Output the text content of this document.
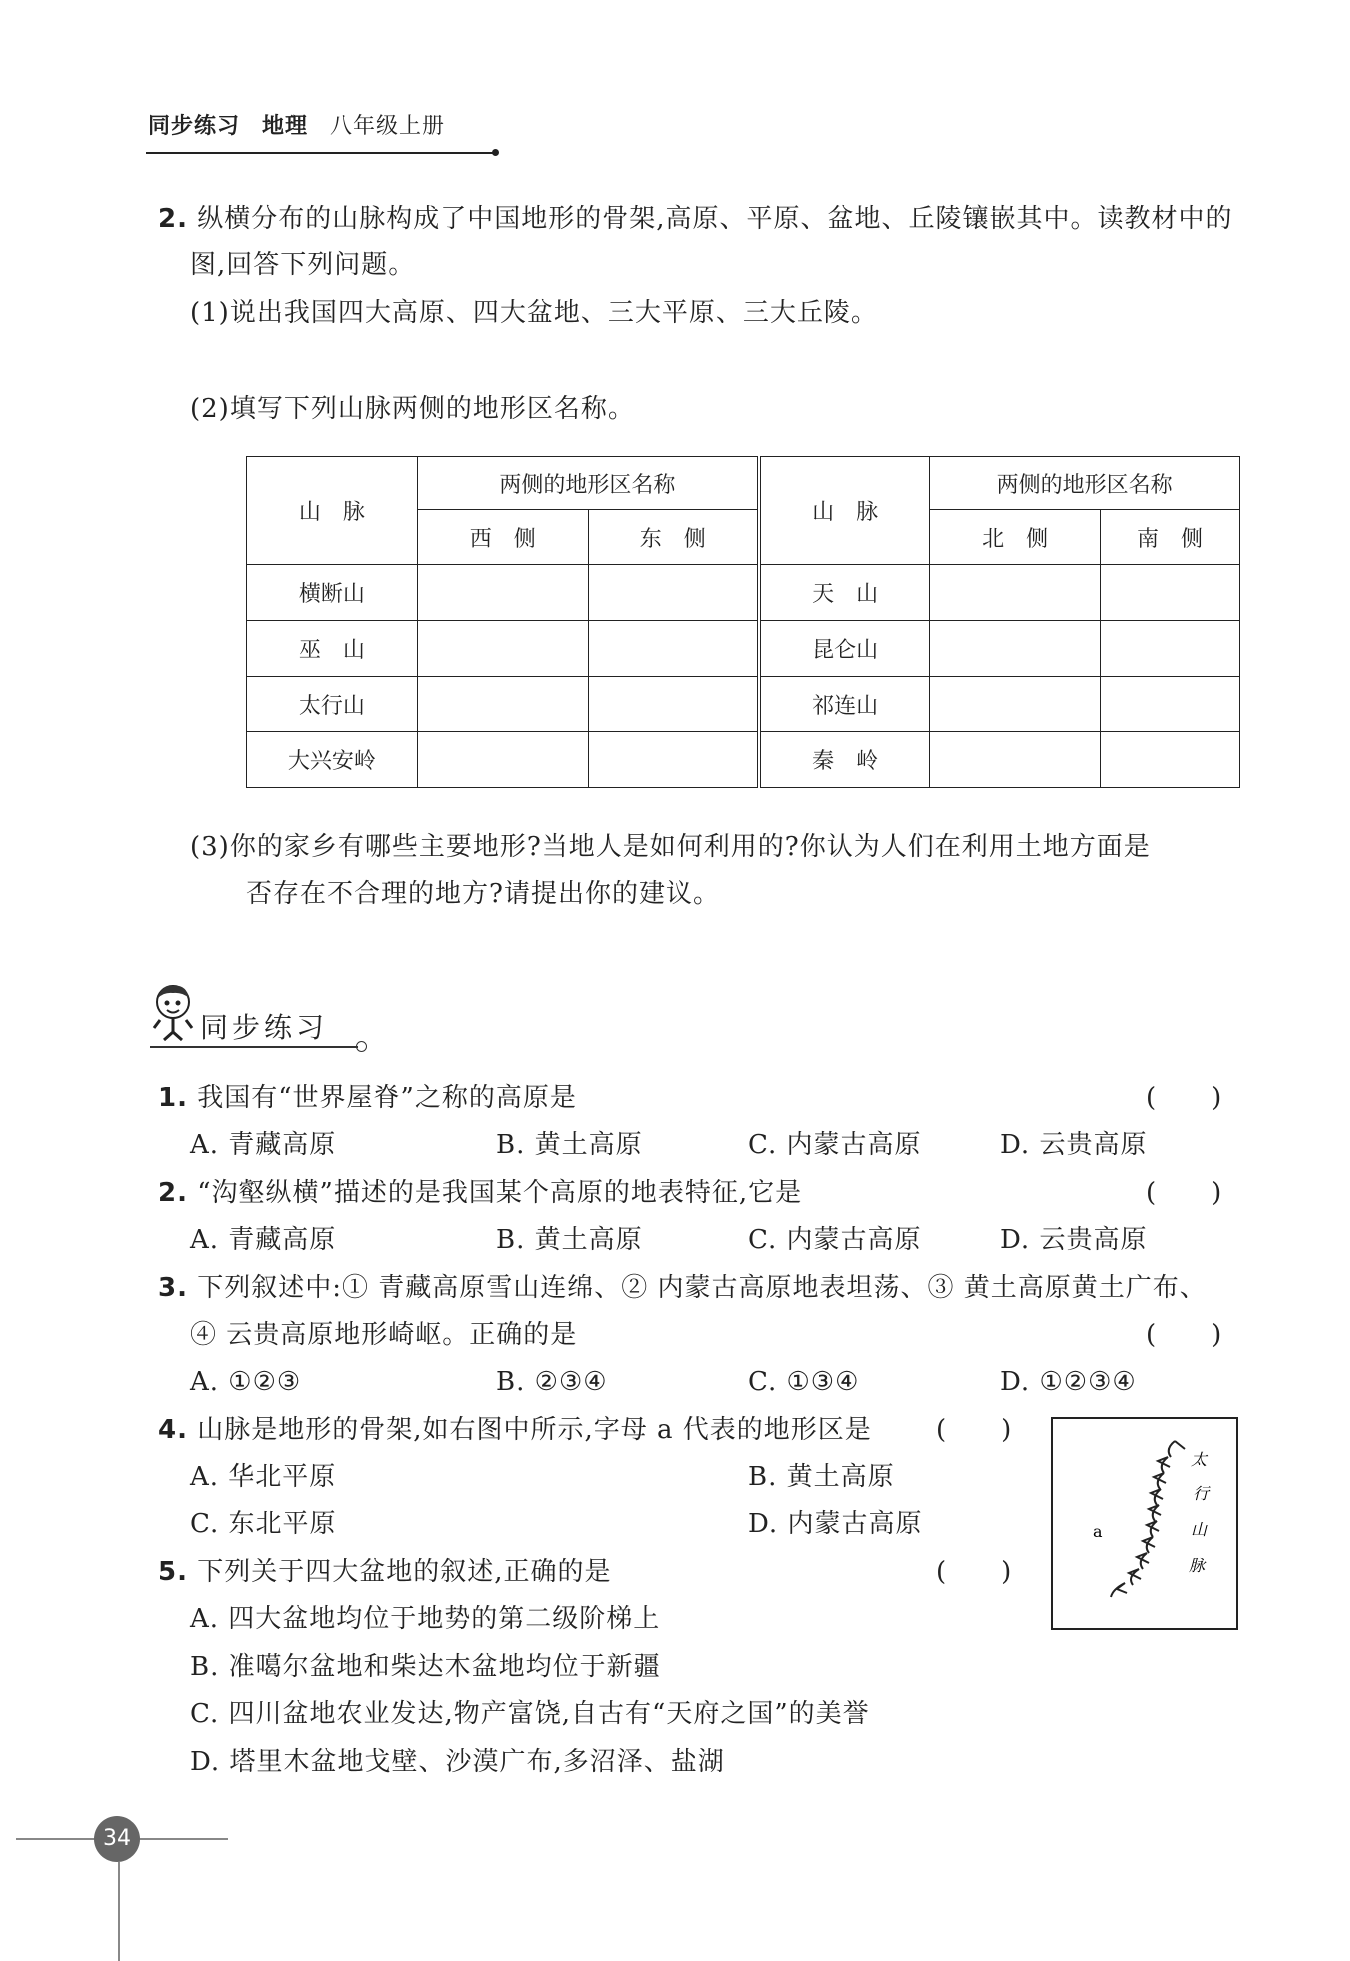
同步练习 地理 八年级上册
2. 纵横分布的山脉构成了中国地形的骨架,高原、平原、盆地、丘陵镶嵌其中。读教材中的
图,回答下列问题。
(1)说出我国四大高原、四大盆地、三大平原、三大丘陵。
(2)填写下列山脉两侧的地形区名称。
山　脉	两侧的地形区名称		山　脉	两侧的地形区名称	
	西　侧	东　侧		北　侧	南　侧
横断山			天　山		
巫　山			昆仑山		
太行山			祁连山		
大兴安岭			秦　岭		
(3)你的家乡有哪些主要地形?当地人是如何利用的?你认为人们在利用土地方面是
否存在不合理的地方?请提出你的建议。
同步练习
1. 我国有“世界屋脊”之称的高原是	(　　)
A. 青藏高原	B. 黄土高原	C. 内蒙古高原	D. 云贵高原
2. “沟壑纵横”描述的是我国某个高原的地表特征,它是	(　　)
A. 青藏高原	B. 黄土高原	C. 内蒙古高原	D. 云贵高原
3. 下列叙述中:① 青藏高原雪山连绵、② 内蒙古高原地表坦荡、③ 黄土高原黄土广布、
④ 云贵高原地形崎岖。正确的是	(　　)
A. ①②③	B. ②③④	C. ①③④	D. ①②③④
4. 山脉是地形的骨架,如右图中所示,字母 a 代表的地形区是 (　　)
A. 华北平原	B. 黄土高原
C. 东北平原	D. 内蒙古高原	a
太
行
山
脉
5. 下列关于四大盆地的叙述,正确的是	(　　)
A. 四大盆地均位于地势的第二级阶梯上
B. 准噶尔盆地和柴达木盆地均位于新疆
C. 四川盆地农业发达,物产富饶,自古有“天府之国”的美誉
D. 塔里木盆地戈壁、沙漠广布,多沼泽、盐湖
34
